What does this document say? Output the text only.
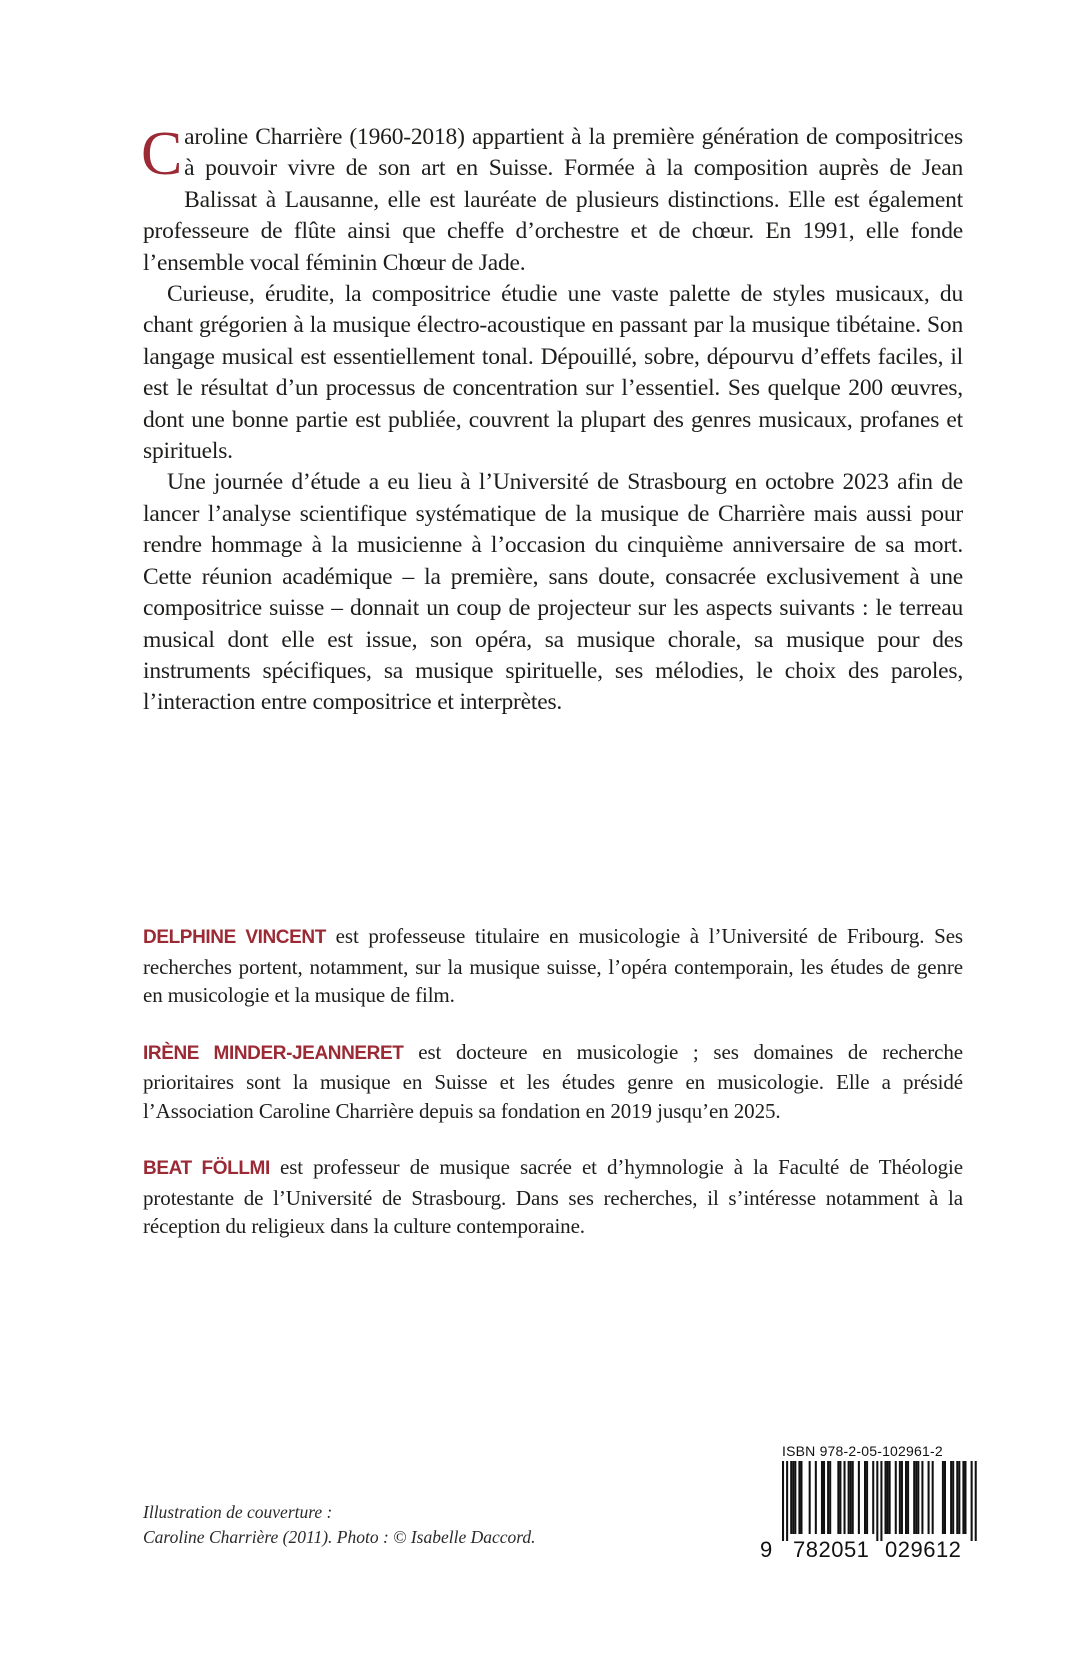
Caroline Charrière (1960-2018) appartient à la première génération de compositrices à pouvoir vivre de son art en Suisse. Formée à la composition auprès de Jean Balissat à Lausanne, elle est lauréate de plusieurs distinctions. Elle est également professeure de flûte ainsi que cheffe d’orchestre et de chœur. En 1991, elle fonde l’ensemble vocal féminin Chœur de Jade.

Curieuse, érudite, la compositrice étudie une vaste palette de styles musicaux, du chant grégorien à la musique électro-acoustique en passant par la musique tibétaine. Son langage musical est essentiellement tonal. Dépouillé, sobre, dépourvu d’effets faciles, il est le résultat d’un processus de concentration sur l’essentiel. Ses quelque 200 œuvres, dont une bonne partie est publiée, couvrent la plupart des genres musicaux, profanes et spirituels.

Une journée d’étude a eu lieu à l’Université de Strasbourg en octobre 2023 afin de lancer l’analyse scientifique systématique de la musique de Charrière mais aussi pour rendre hommage à la musicienne à l’occasion du cinquième anniversaire de sa mort. Cette réunion académique – la première, sans doute, consacrée exclusivement à une compositrice suisse – donnait un coup de projecteur sur les aspects suivants : le terreau musical dont elle est issue, son opéra, sa musique chorale, sa musique pour des instruments spécifiques, sa musique spirituelle, ses mélodies, le choix des paroles, l’interaction entre compositrice et interprètes.

DELPHINE VINCENT est professeuse titulaire en musicologie à l’Université de Fribourg. Ses recherches portent, notamment, sur la musique suisse, l’opéra contemporain, les études de genre en musicologie et la musique de film.

IRÈNE MINDER-JEANNERET est docteure en musicologie ; ses domaines de recherche prioritaires sont la musique en Suisse et les études genre en musicologie. Elle a présidé l’Association Caroline Charrière depuis sa fondation en 2019 jusqu’en 2025.

BEAT FÖLLMI est professeur de musique sacrée et d’hymnologie à la Faculté de Théologie protestante de l’Université de Strasbourg. Dans ses recherches, il s’intéresse notamment à la réception du religieux dans la culture contemporaine.

Illustration de couverture :
Caroline Charrière (2011). Photo : © Isabelle Daccord.
ISBN 978-2-05-102961-2
9 782051 029612
